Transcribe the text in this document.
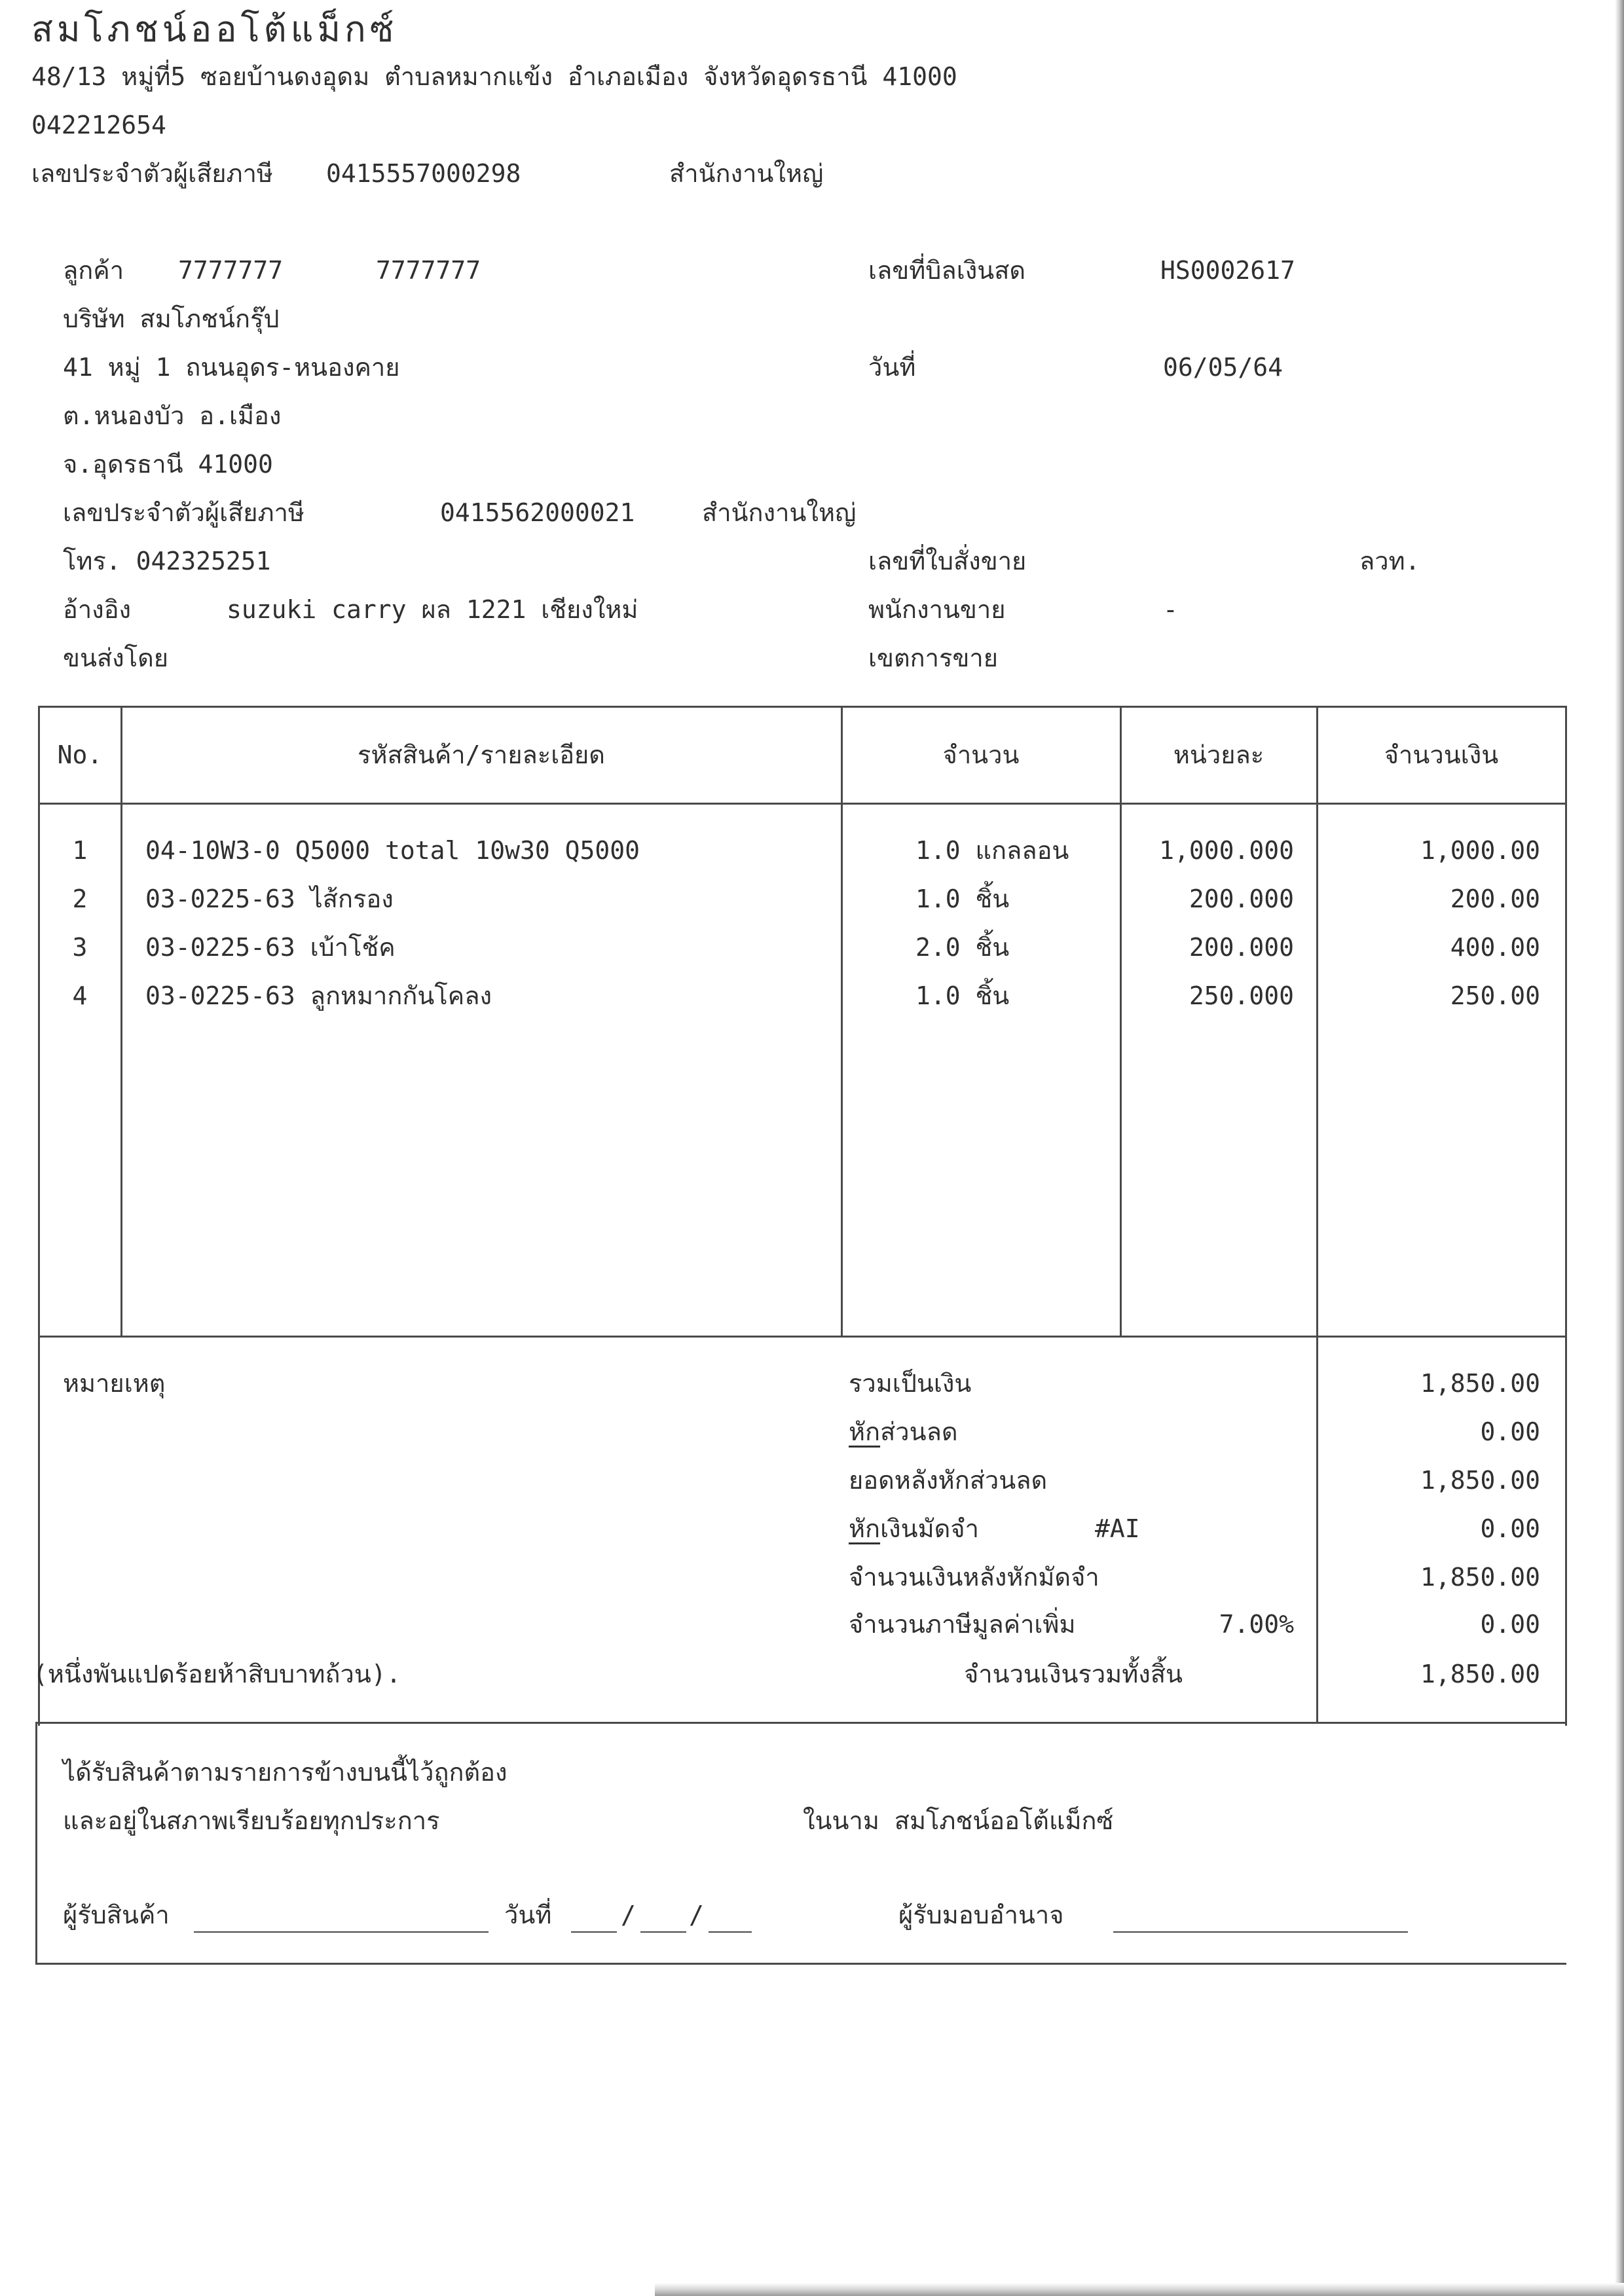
สมโภชน์ออโต้แม็กซ์
48/13 หมู่ที่5 ซอยบ้านดงอุดม ตำบลหมากแข้ง อำเภอเมือง จังหวัดอุดรธานี 41000
042212654
เลขประจำตัวผู้เสียภาษี 0415557000298	สำนักงานใหญ่
ลูกค้า 7777777	7777777
บริษัท สมโภชน์กรุ๊ป
41 หมู่ 1 ถนนอุดร-หนองคาย
ต.หนองบัว อ.เมือง
จ.อุดรธานี 41000
เลขประจำตัวผู้เสียภาษี	0415562000021	สำนักงานใหญ่
โทร. 042325251
อ้างอิง	suzuki carry ผล 1221 เชียงใหม่
ขนส่งโดย
เลขที่บิลเงินสด	HS0002617
วันที่	06/05/64
เลขที่ใบสั่งขาย	ลวท.
พนักงานขาย	-
เขตการขาย
No.	รหัสสินค้า/รายละเอียด	จำนวน	หน่วยละ	จำนวนเงิน
1	04-10W3-0 Q5000 total 10w30 Q5000	1.0 แกลลอน	1,000.000	1,000.00
2	03-0225-63 ไส้กรอง	1.0 ชิ้น	200.000	200.00
3	03-0225-63 เบ้าโช้ค	2.0 ชิ้น	200.000	400.00
4	03-0225-63 ลูกหมากกันโคลง	1.0 ชิ้น	250.000	250.00
หมายเหตุ	รวมเป็นเงิน	1,850.00
หักส่วนลด	0.00
ยอดหลังหักส่วนลด	1,850.00
หักเงินมัดจำ	#AI	0.00
จำนวนเงินหลังหักมัดจำ	1,850.00
จำนวนภาษีมูลค่าเพิ่ม	7.00%	0.00
(หนึ่งพันแปดร้อยห้าสิบบาทถ้วน).	จำนวนเงินรวมทั้งสิ้น	1,850.00
ได้รับสินค้าตามรายการข้างบนนี้ไว้ถูกต้อง
และอยู่ในสภาพเรียบร้อยทุกประการ	ในนาม สมโภชน์ออโต้แม็กซ์
ผู้รับสินค้า	วันที่	/ /	ผู้รับมอบอำนาจ
